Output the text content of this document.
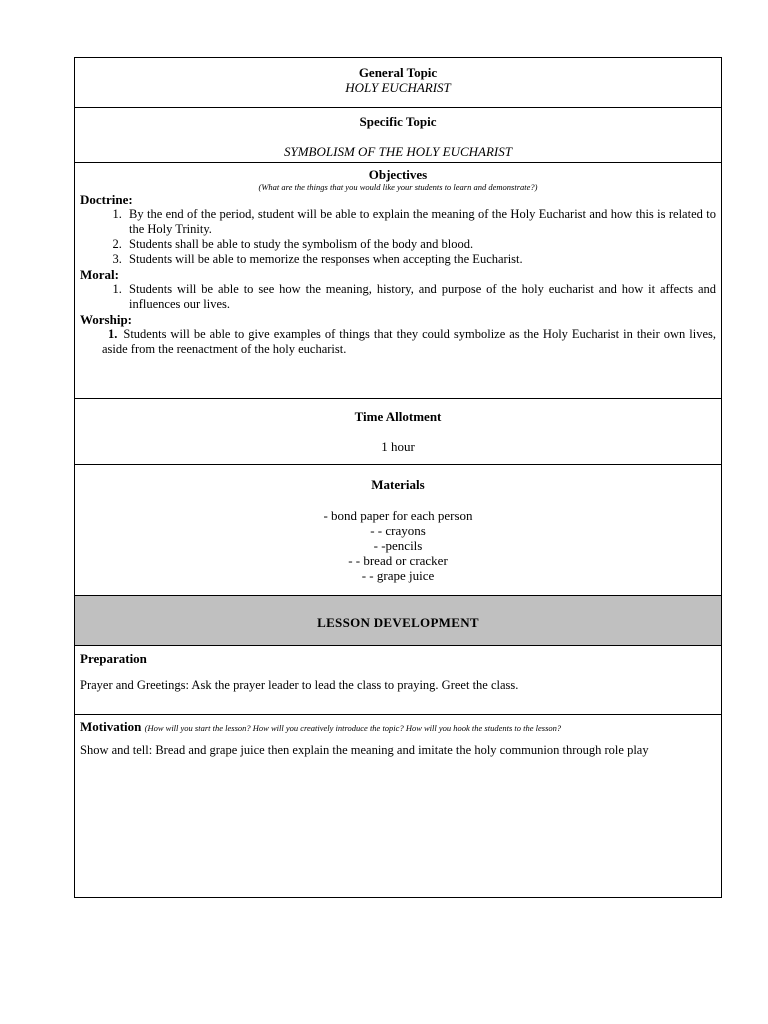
General Topic
HOLY EUCHARIST

Specific Topic
SYMBOLISM OF THE HOLY EUCHARIST

Objectives
(What are the things that you would like your students to learn and demonstrate?)
Doctrine:
1. By the end of the period, student will be able to explain the meaning of the Holy Eucharist and how this is related to the Holy Trinity.
2. Students shall be able to study the symbolism of the body and blood.
3. Students will be able to memorize the responses when accepting the Eucharist.
Moral:
1. Students will be able to see how the meaning, history, and purpose of the holy eucharist and how it affects and influences our lives.
Worship:
1. Students will be able to give examples of things that they could symbolize as the Holy Eucharist in their own lives, aside from the reenactment of the holy eucharist.

Time Allotment
1 hour

Materials
- bond paper for each person
- - crayons
- -pencils
- - bread or cracker
- - grape juice

LESSON DEVELOPMENT

Preparation
Prayer and Greetings: Ask the prayer leader to lead the class to praying. Greet the class.

Motivation (How will you start the lesson? How will you creatively introduce the topic? How will you hook the students to the lesson?
Show and tell: Bread and grape juice then explain the meaning and imitate the holy communion through role play
